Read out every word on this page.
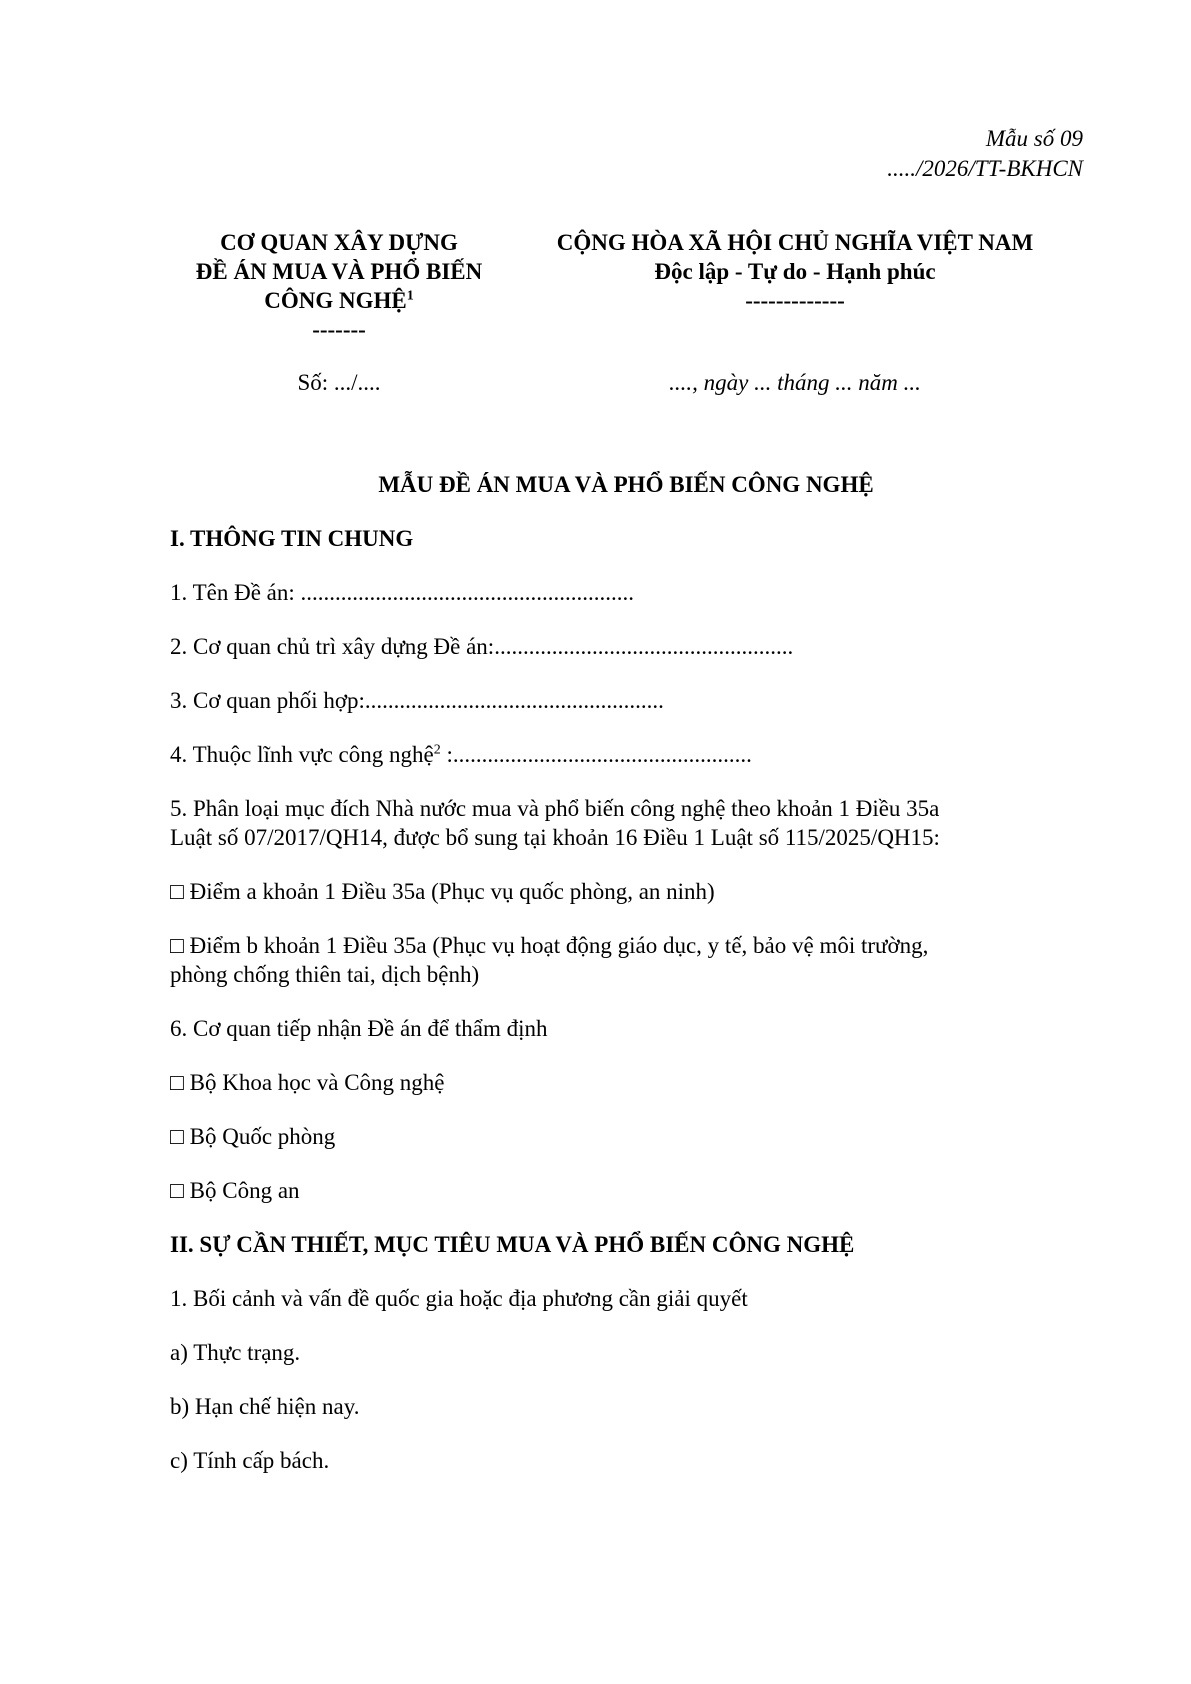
Mẫu số 09
...../2026/TT-BKHCN
CƠ QUAN XÂY DỰNG
ĐỀ ÁN MUA VÀ PHỔ BIẾN
CÔNG NGHỆ$^1$
-------
CỘNG HÒA XÃ HỘI CHỦ NGHĨA VIỆT NAM
Độc lập - Tự do - Hạnh phúc
-------------
Số: .../....	...., ngày ... tháng ... năm ...
MẪU ĐỀ ÁN MUA VÀ PHỔ BIẾN CÔNG NGHỆ
I. THÔNG TIN CHUNG
1. Tên Đề án: ..........................................................
2. Cơ quan chủ trì xây dựng Đề án:....................................................
3. Cơ quan phối hợp:....................................................
4. Thuộc lĩnh vực công nghệ$^2$ :....................................................
5. Phân loại mục đích Nhà nước mua và phổ biến công nghệ theo khoản 1 Điều 35a
Luật số 07/2017/QH14, được bổ sung tại khoản 16 Điều 1 Luật số 115/2025/QH15:
□ Điểm a khoản 1 Điều 35a (Phục vụ quốc phòng, an ninh)
□ Điểm b khoản 1 Điều 35a (Phục vụ hoạt động giáo dục, y tế, bảo vệ môi trường,
phòng chống thiên tai, dịch bệnh)
6. Cơ quan tiếp nhận Đề án để thẩm định
□ Bộ Khoa học và Công nghệ
□ Bộ Quốc phòng
□ Bộ Công an
II. SỰ CẦN THIẾT, MỤC TIÊU MUA VÀ PHỔ BIẾN CÔNG NGHỆ
1. Bối cảnh và vấn đề quốc gia hoặc địa phương cần giải quyết
a) Thực trạng.
b) Hạn chế hiện nay.
c) Tính cấp bách.
